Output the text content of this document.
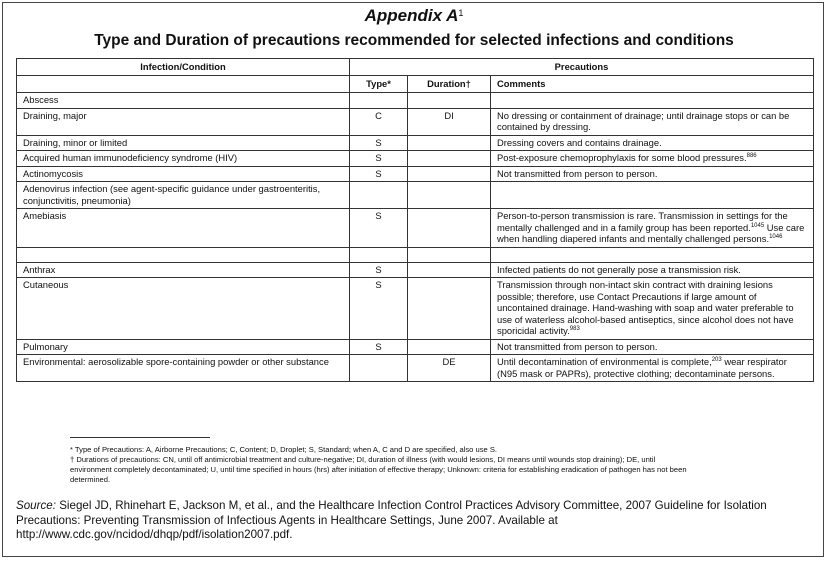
Appendix $A^1$
Type and Duration of precautions recommended for selected infections and conditions
Infection/Condition	Precautions		
	Type*	Duration†	Comments
Abscess			
Draining, major	C	DI	No dressing or containment of drainage; until drainage stops or can be contained by dressing.
Draining, minor or limited	S		Dressing covers and contains drainage.
Acquired human immunodeficiency syndrome (HIV)	S		Post-exposure chemoprophylaxis for some blood pressures.$^{886}$
Actinomycosis	S		Not transmitted from person to person.
Adenovirus infection (see agent-specific guidance under gastroenteritis, conjunctivitis, pneumonia)			
Amebiasis	S		Person-to-person transmission is rare. Transmission in settings for the mentally challenged and in a family group has been reported.$^{1045}$ Use care when handling diapered infants and mentally challenged persons.$^{1046}$

Anthrax	S		Infected patients do not generally pose a transmission risk.
Cutaneous	S		Transmission through non-intact skin contract with draining lesions possible; therefore, use Contact Precautions if large amount of uncontained drainage. Hand-washing with soap and water preferable to use of waterless alcohol-based antiseptics, since alcohol does not have sporicidal activity.$^{983}$
Pulmonary	S		Not transmitted from person to person.
Environmental: aerosolizable spore-containing powder or other substance		DE	Until decontamination of environmental is complete,$^{203}$ wear respirator (N95 mask or PAPRs), protective clothing; decontaminate persons.

* Type of Precautions: A, Airborne Precautions; C, Content; D, Droplet; S, Standard; when A, C and D are specified, also use S.

† Durations of precautions: CN, until off antimicrobial treatment and culture-negative; DI, duration of illness (with would lesions, DI means until wounds stop draining); DE, until environment completely decontaminated; U, until time specified in hours (hrs) after initiation of effective therapy; Unknown: criteria for establishing eradication of pathogen has not been determined.

Source: Siegel JD, Rhinehart E, Jackson M, et al., and the Healthcare Infection Control Practices Advisory Committee, 2007 Guideline for Isolation Precautions: Preventing Transmission of Infectious Agents in Healthcare Settings, June 2007. Available at http://www.cdc.gov/ncidod/dhqp/pdf/isolation2007.pdf.
